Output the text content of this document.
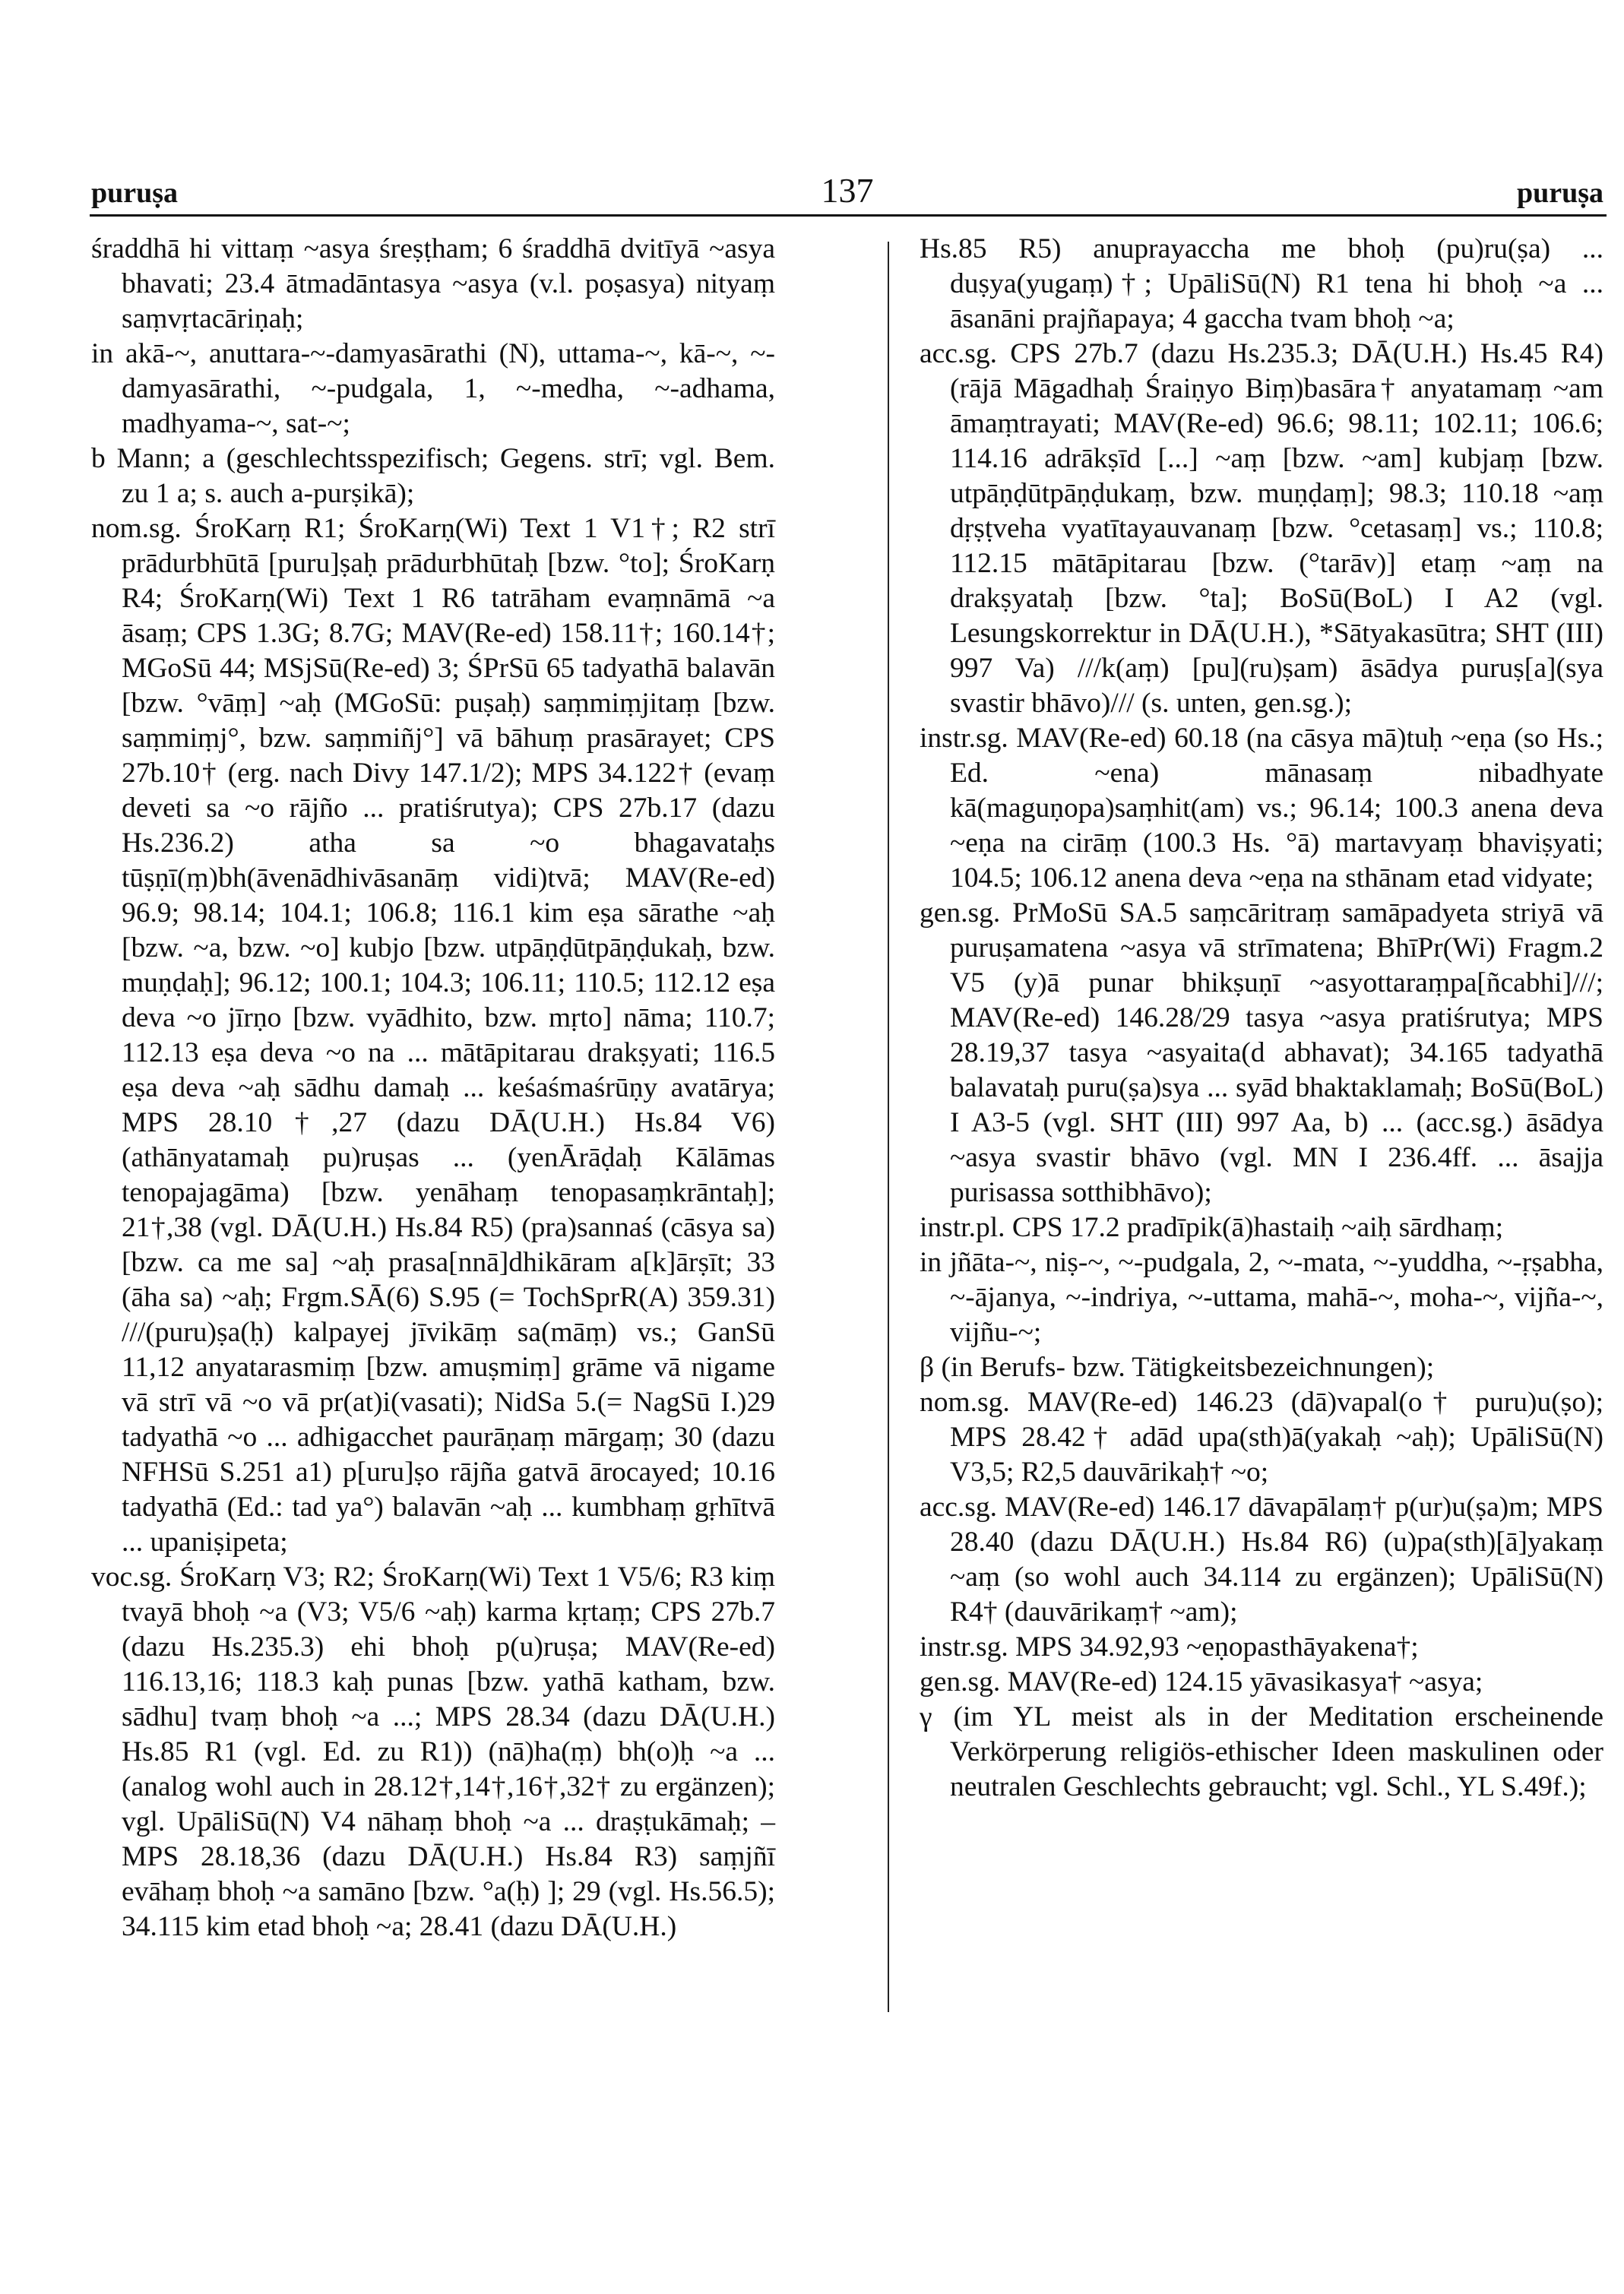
puruṣa	137	puruṣa

śraddhā hi vittaṃ ~asya śreṣṭham; 6 śraddhā dvitīyā ~asya bhavati; 23.4 ātmadāntasya ~asya (v.l. poṣasya) nityaṃ saṃvṛtacāriṇaḥ;

in akā-~, anuttara-~-damyasārathi (N), uttama-~, kā-~, ~-damyasārathi, ~-pudgala, 1, ~-medha, ~-adhama, madhyama-~, sat-~;

b Mann; a (geschlechtsspezifisch; Gegens. strī; vgl. Bem. zu 1 a; s. auch a-purṣikā);

nom.sg. ŚroKarṇ R1; ŚroKarṇ(Wi) Text 1 V1†; R2 strī prādurbhūtā [puru]ṣaḥ prādurbhūtaḥ [bzw. °to]; ŚroKarṇ R4; ŚroKarṇ(Wi) Text 1 R6 tatrāham evaṃnāmā ~a āsaṃ; CPS 1.3G; 8.7G; MAV(Re-ed) 158.11†; 160.14†; MGoSū 44; MSjSū(Re-ed) 3; ŚPrSū 65 tadyathā balavān [bzw. °vāṃ] ~aḥ (MGoSū: puṣaḥ) saṃmiṃjitaṃ [bzw. saṃmiṃj°, bzw. saṃmiñj°] vā bāhuṃ prasārayet; CPS 27b.10† (erg. nach Divy 147.1/2); MPS 34.122† (evaṃ deveti sa ~o rājño ... pratiśrutya); CPS 27b.17 (dazu Hs.236.2) atha sa ~o bhagavataḥs tūṣṇī(ṃ)bh(āvenādhivāsanāṃ vidi)tvā; MAV(Re-ed) 96.9; 98.14; 104.1; 106.8; 116.1 kim eṣa sārathe ~aḥ [bzw. ~a, bzw. ~o] kubjo [bzw. utpāṇḍūtpāṇḍukaḥ, bzw. muṇḍaḥ]; 96.12; 100.1; 104.3; 106.11; 110.5; 112.12 eṣa deva ~o jīrṇo [bzw. vyādhito, bzw. mṛto] nāma; 110.7; 112.13 eṣa deva ~o na ... mātāpitarau drakṣyati; 116.5 eṣa deva ~aḥ sādhu damaḥ ... keśaśmaśrūṇy avatārya; MPS 28.10†,27 (dazu DĀ(U.H.) Hs.84 V6) (athānyatamaḥ pu)ruṣas ... (yenĀrāḍaḥ Kālāmas tenopajagāma) [bzw. yenāhaṃ tenopasaṃkrāntaḥ]; 21†,38 (vgl. DĀ(U.H.) Hs.84 R5) (pra)sannaś (cāsya sa) [bzw. ca me sa] ~aḥ prasa[nnā]dhikāram a[k]ārṣīt; 33 (āha sa) ~aḥ; Frgm.SĀ(6) S.95 (= TochSprR(A) 359.31) ///(puru)ṣa(ḥ) kalpayej jīvikāṃ sa(māṃ) vs.; GanSū 11,12 anyatarasmiṃ [bzw. amuṣmiṃ] grāme vā nigame vā strī vā ~o vā pr(at)i(vasati); NidSa 5.(= NagSū I.)29 tadyathā ~o ... adhigacchet paurāṇaṃ mārgaṃ; 30 (dazu NFHSū S.251 a1) p[uru]ṣo rājña gatvā ārocayed; 10.16 tadyathā (Ed.: tad ya°) balavān ~aḥ ... kumbhaṃ gṛhītvā ... upaniṣipeta;

voc.sg. ŚroKarṇ V3; R2; ŚroKarṇ(Wi) Text 1 V5/6; R3 kiṃ tvayā bhoḥ ~a (V3; V5/6 ~aḥ) karma kṛtaṃ; CPS 27b.7 (dazu Hs.235.3) ehi bhoḥ p(u)ruṣa; MAV(Re-ed) 116.13,16; 118.3 kaḥ punas [bzw. yathā katham, bzw. sādhu] tvaṃ bhoḥ ~a ...; MPS 28.34 (dazu DĀ(U.H.) Hs.85 R1 (vgl. Ed. zu R1)) (nā)ha(ṃ) bh(o)ḥ ~a ... (analog wohl auch in 28.12†,14†,16†,32† zu ergänzen); vgl. UpāliSū(N) V4 nāhaṃ bhoḥ ~a ... draṣṭukāmaḥ; – MPS 28.18,36 (dazu DĀ(U.H.) Hs.84 R3) saṃjñī evāhaṃ bhoḥ ~a samāno [bzw. °a(ḥ) ]; 29 (vgl. Hs.56.5); 34.115 kim etad bhoḥ ~a; 28.41 (dazu DĀ(U.H.)

Hs.85 R5) anuprayaccha me bhoḥ (pu)ru(ṣa) ... duṣya(yugaṃ)†; UpāliSū(N) R1 tena hi bhoḥ ~a ... āsanāni prajñapaya; 4 gaccha tvam bhoḥ ~a;

acc.sg. CPS 27b.7 (dazu Hs.235.3; DĀ(U.H.) Hs.45 R4) (rājā Māgadhaḥ Śraiṇyo Biṃ)basāra† anyatamaṃ ~am āmaṃtrayati; MAV(Re-ed) 96.6; 98.11; 102.11; 106.6; 114.16 adrākṣīd [...] ~aṃ [bzw. ~am] kubjaṃ [bzw. utpāṇḍūtpāṇḍukaṃ, bzw. muṇḍaṃ]; 98.3; 110.18 ~aṃ dṛṣṭveha vyatītayauvanaṃ [bzw. °cetasaṃ] vs.; 110.8; 112.15 mātāpitarau [bzw. (°tarāv)] etaṃ ~aṃ na drakṣyataḥ [bzw. °ta]; BoSū(BoL) I A2 (vgl. Lesungskorrektur in DĀ(U.H.), *Sātyakasūtra; SHT (III) 997 Va) ///k(aṃ) [pu](ru)ṣam) āsādya puruṣ[a](sya svastir bhāvo)/// (s. unten, gen.sg.);

instr.sg. MAV(Re-ed) 60.18 (na cāsya mā)tuḥ ~eṇa (so Hs.; Ed. ~ena) mānasaṃ nibadhyate kā(maguṇopa)saṃhit(am) vs.; 96.14; 100.3 anena deva ~eṇa na cirāṃ (100.3 Hs. °ā) martavyaṃ bhaviṣyati; 104.5; 106.12 anena deva ~eṇa na sthānam etad vidyate;

gen.sg. PrMoSū SA.5 saṃcāritraṃ samāpadyeta striyā vā puruṣamatena ~asya vā strīmatena; BhīPr(Wi) Fragm.2 V5 (y)ā punar bhikṣuṇī ~asyottaraṃpa[ñcabhi]///; MAV(Re-ed) 146.28/29 tasya ~asya pratiśrutya; MPS 28.19,37 tasya ~asyaita(d abhavat); 34.165 tadyathā balavataḥ puru(ṣa)sya ... syād bhaktaklamaḥ; BoSū(BoL) I A3-5 (vgl. SHT (III) 997 Aa, b) ... (acc.sg.) āsādya ~asya svastir bhāvo (vgl. MN I 236.4ff. ... āsajja purisassa sotthibhāvo);

instr.pl. CPS 17.2 pradīpik(ā)hastaiḥ ~aiḥ sārdhaṃ;

in jñāta-~, niṣ-~, ~-pudgala, 2, ~-mata, ~-yuddha, ~-ṛṣabha, ~-ājanya, ~-indriya, ~-uttama, mahā-~, moha-~, vijña-~, vijñu-~;

β (in Berufs- bzw. Tätigkeitsbezeichnungen);

nom.sg. MAV(Re-ed) 146.23 (dā)vapal(o† puru)u(ṣo); MPS 28.42† adād upa(sth)ā(yakaḥ ~aḥ); UpāliSū(N) V3,5; R2,5 dauvārikaḥ† ~o;

acc.sg. MAV(Re-ed) 146.17 dāvapālaṃ† p(ur)u(ṣa)m; MPS 28.40 (dazu DĀ(U.H.) Hs.84 R6) (u)pa(sth)[ā]yakaṃ ~aṃ (so wohl auch 34.114 zu ergänzen); UpāliSū(N) R4† (dauvārikaṃ† ~am);

instr.sg. MPS 34.92,93 ~eṇopasthāyakena†;

gen.sg. MAV(Re-ed) 124.15 yāvasikasya† ~asya;

γ (im YL meist als in der Meditation erscheinende Verkörperung religiös-ethischer Ideen maskulinen oder neutralen Geschlechts gebraucht; vgl. Schl., YL S.49f.);
